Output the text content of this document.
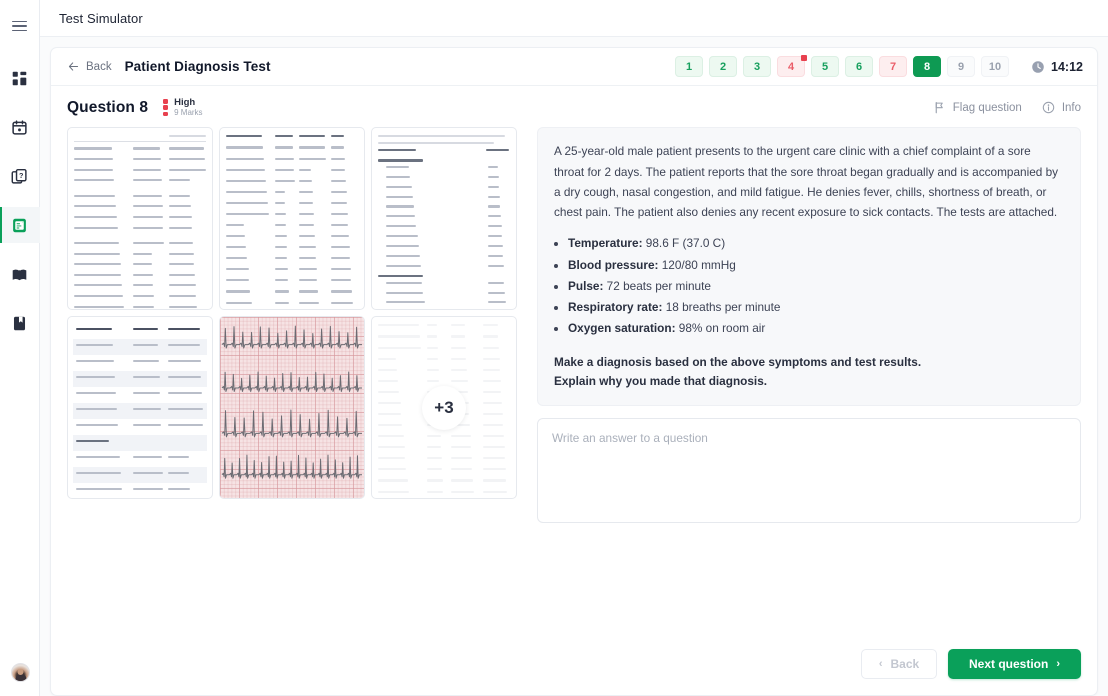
?
Test Simulator
Back Patient Diagnosis Test	1	2	3	4	5	6	7	8	9	10	14:12
Question 8	High
9 Marks	Flag question	Info
+3
A 25-year-old male patient presents to the urgent care clinic with a chief complaint of a sore throat for 2 days. The patient reports that the sore throat began gradually and is accompanied by a dry cough, nasal congestion, and mild fatigue. He denies fever, chills, shortness of breath, or chest pain. The patient also denies any recent exposure to sick contacts. The tests are attached.
• Temperature: 98.6 F (37.0 C)
• Blood pressure: 120/80 mmHg
• Pulse: 72 beats per minute
• Respiratory rate: 18 breaths per minute
• Oxygen saturation: 98% on room air
Make a diagnosis based on the above symptoms and test results.
Explain why you made that diagnosis.
Write an answer to a question
‹ Back	Next question ›
